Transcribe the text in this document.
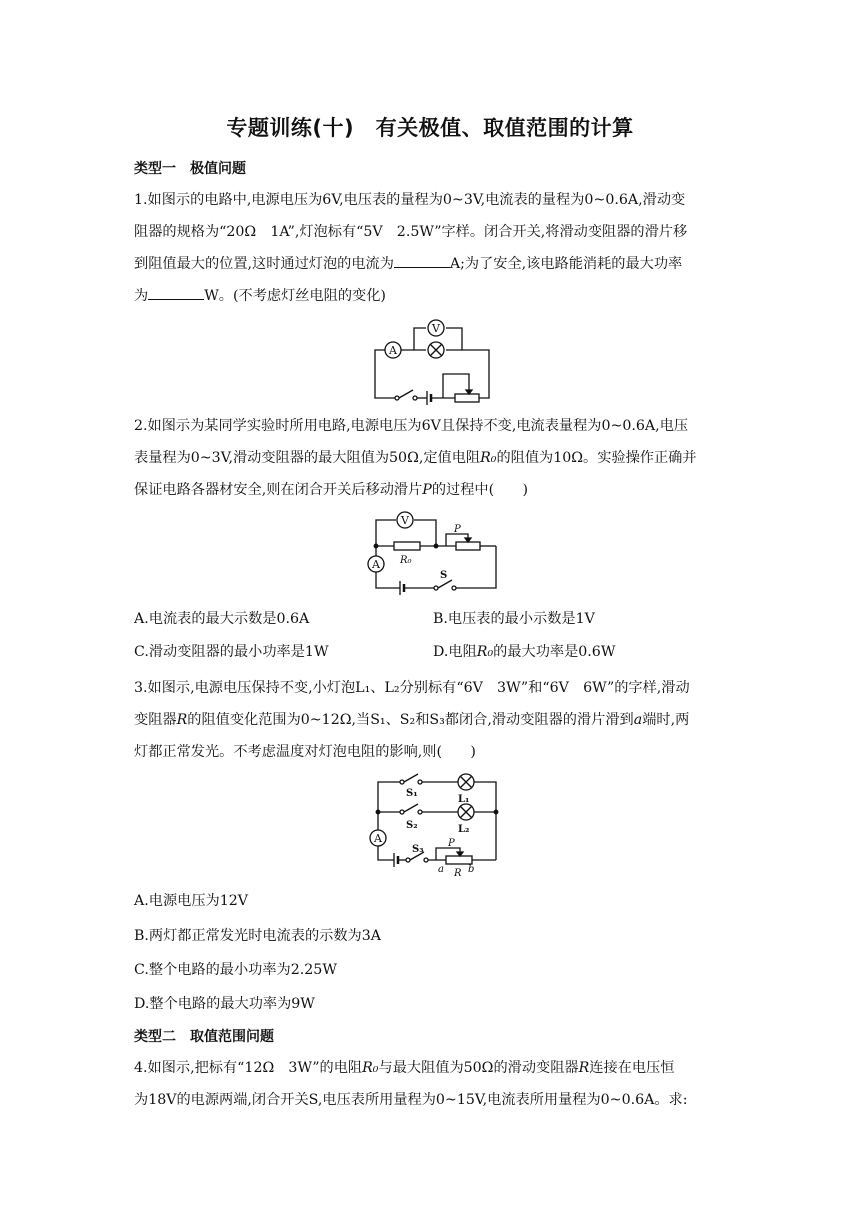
专题训练(十)　有关极值、取值范围的计算
类型一　极值问题
1.如图示的电路中,电源电压为6V,电压表的量程为0~3V,电流表的量程为0~0.6A,滑动变
阻器的规格为“20Ω　1A”,灯泡标有“5V　2.5W”字样。闭合开关,将滑动变阻器的滑片移
到阻值最大的位置,这时通过灯泡的电流为	A;为了安全,该电路能消耗的最大功率
为	W。(不考虑灯丝电阻的变化)
V
A
2.如图示为某同学实验时所用电路,电源电压为6V且保持不变,电流表量程为0~0.6A,电压
表量程为0~3V,滑动变阻器的最大阻值为50Ω,定值电阻R₀的阻值为10Ω。实验操作正确并
保证电路各器材安全,则在闭合开关后移动滑片P的过程中(　　)
V
R₀
P
A
S
A.电流表的最大示数是0.6A	B.电压表的最小示数是1V
C.滑动变阻器的最小功率是1W	D.电阻R₀的最大功率是0.6W
3.如图示,电源电压保持不变,小灯泡L₁、L₂分别标有“6V　3W”和“6V　6W”的字样,滑动
变阻器R的阻值变化范围为0~12Ω,当S₁、S₂和S₃都闭合,滑动变阻器的滑片滑到a端时,两
灯都正常发光。不考虑温度对灯泡电阻的影响,则(　　)
S₁
L₁
S₂	L₂
A
S₃
P
a R b
A.电源电压为12V
B.两灯都正常发光时电流表的示数为3A
C.整个电路的最小功率为2.25W
D.整个电路的最大功率为9W
类型二　取值范围问题
4.如图示,把标有“12Ω　3W”的电阻R₀与最大阻值为50Ω的滑动变阻器R连接在电压恒
为18V的电源两端,闭合开关S,电压表所用量程为0~15V,电流表所用量程为0~0.6A。求:
